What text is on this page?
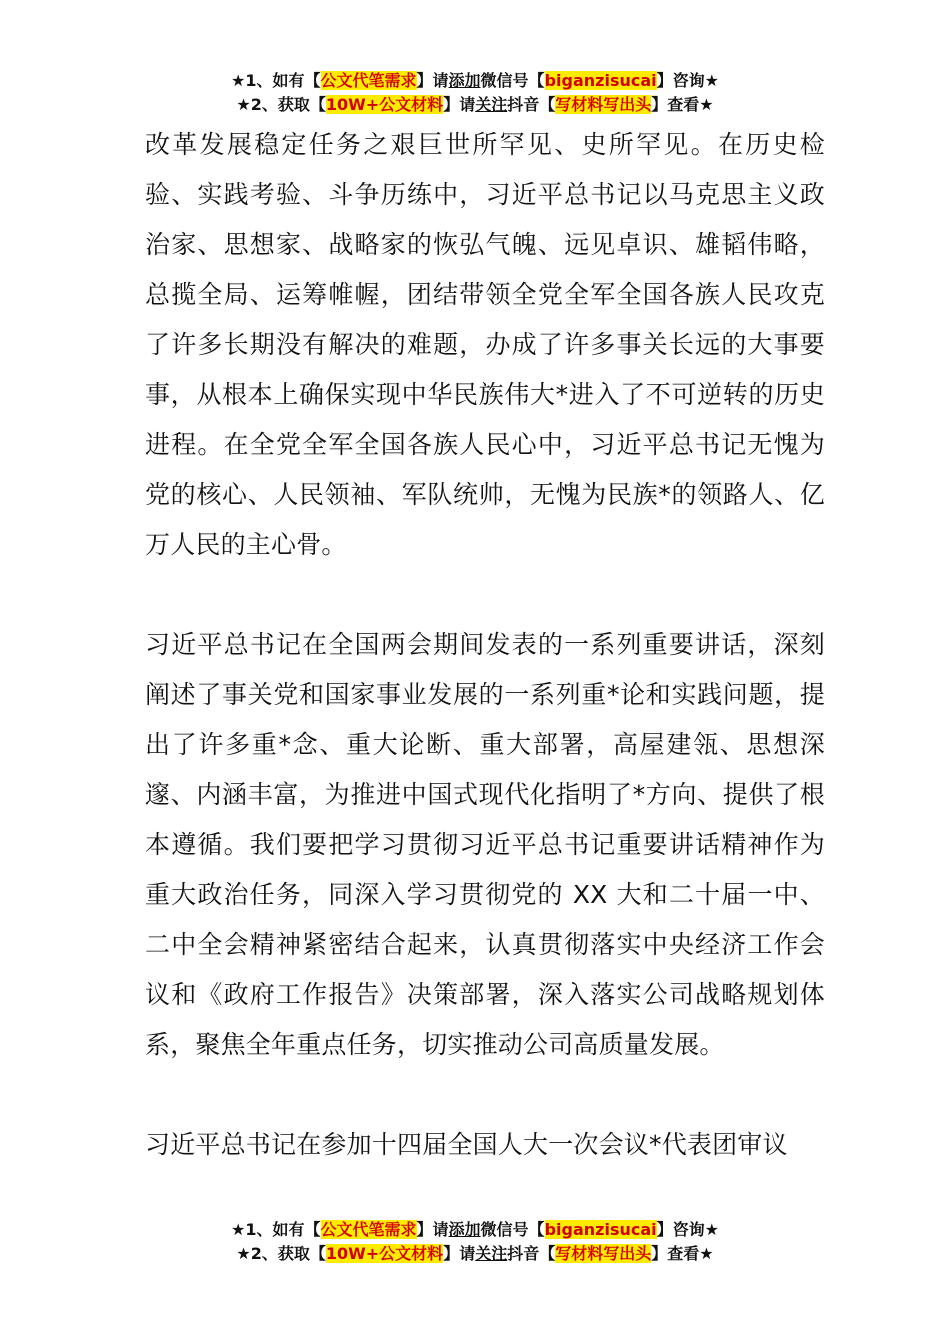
★1、如有【公文代笔需求】请添加微信号【biganzisucai】咨询★
★2、获取【10W+公文材料】请关注抖音【写材料写出头】查看★

改革发展稳定任务之艰巨世所罕见、史所罕见。在历史检验、实践考验、斗争历练中，习近平总书记以马克思主义政治家、思想家、战略家的恢弘气魄、远见卓识、雄韬伟略，总揽全局、运筹帷幄，团结带领全党全军全国各族人民攻克了许多长期没有解决的难题，办成了许多事关长远的大事要事，从根本上确保实现中华民族伟大*进入了不可逆转的历史进程。在全党全军全国各族人民心中，习近平总书记无愧为党的核心、人民领袖、军队统帅，无愧为民族*的领路人、亿万人民的主心骨。

习近平总书记在全国两会期间发表的一系列重要讲话，深刻阐述了事关党和国家事业发展的一系列重*论和实践问题，提出了许多重*念、重大论断、重大部署，高屋建瓴、思想深邃、内涵丰富，为推进中国式现代化指明了*方向、提供了根本遵循。我们要把学习贯彻习近平总书记重要讲话精神作为重大政治任务，同深入学习贯彻党的 XX 大和二十届一中、二中全会精神紧密结合起来，认真贯彻落实中央经济工作会议和《政府工作报告》决策部署，深入落实公司战略规划体系，聚焦全年重点任务，切实推动公司高质量发展。

习近平总书记在参加十四届全国人大一次会议*代表团审议

★1、如有【公文代笔需求】请添加微信号【biganzisucai】咨询★
★2、获取【10W+公文材料】请关注抖音【写材料写出头】查看★
